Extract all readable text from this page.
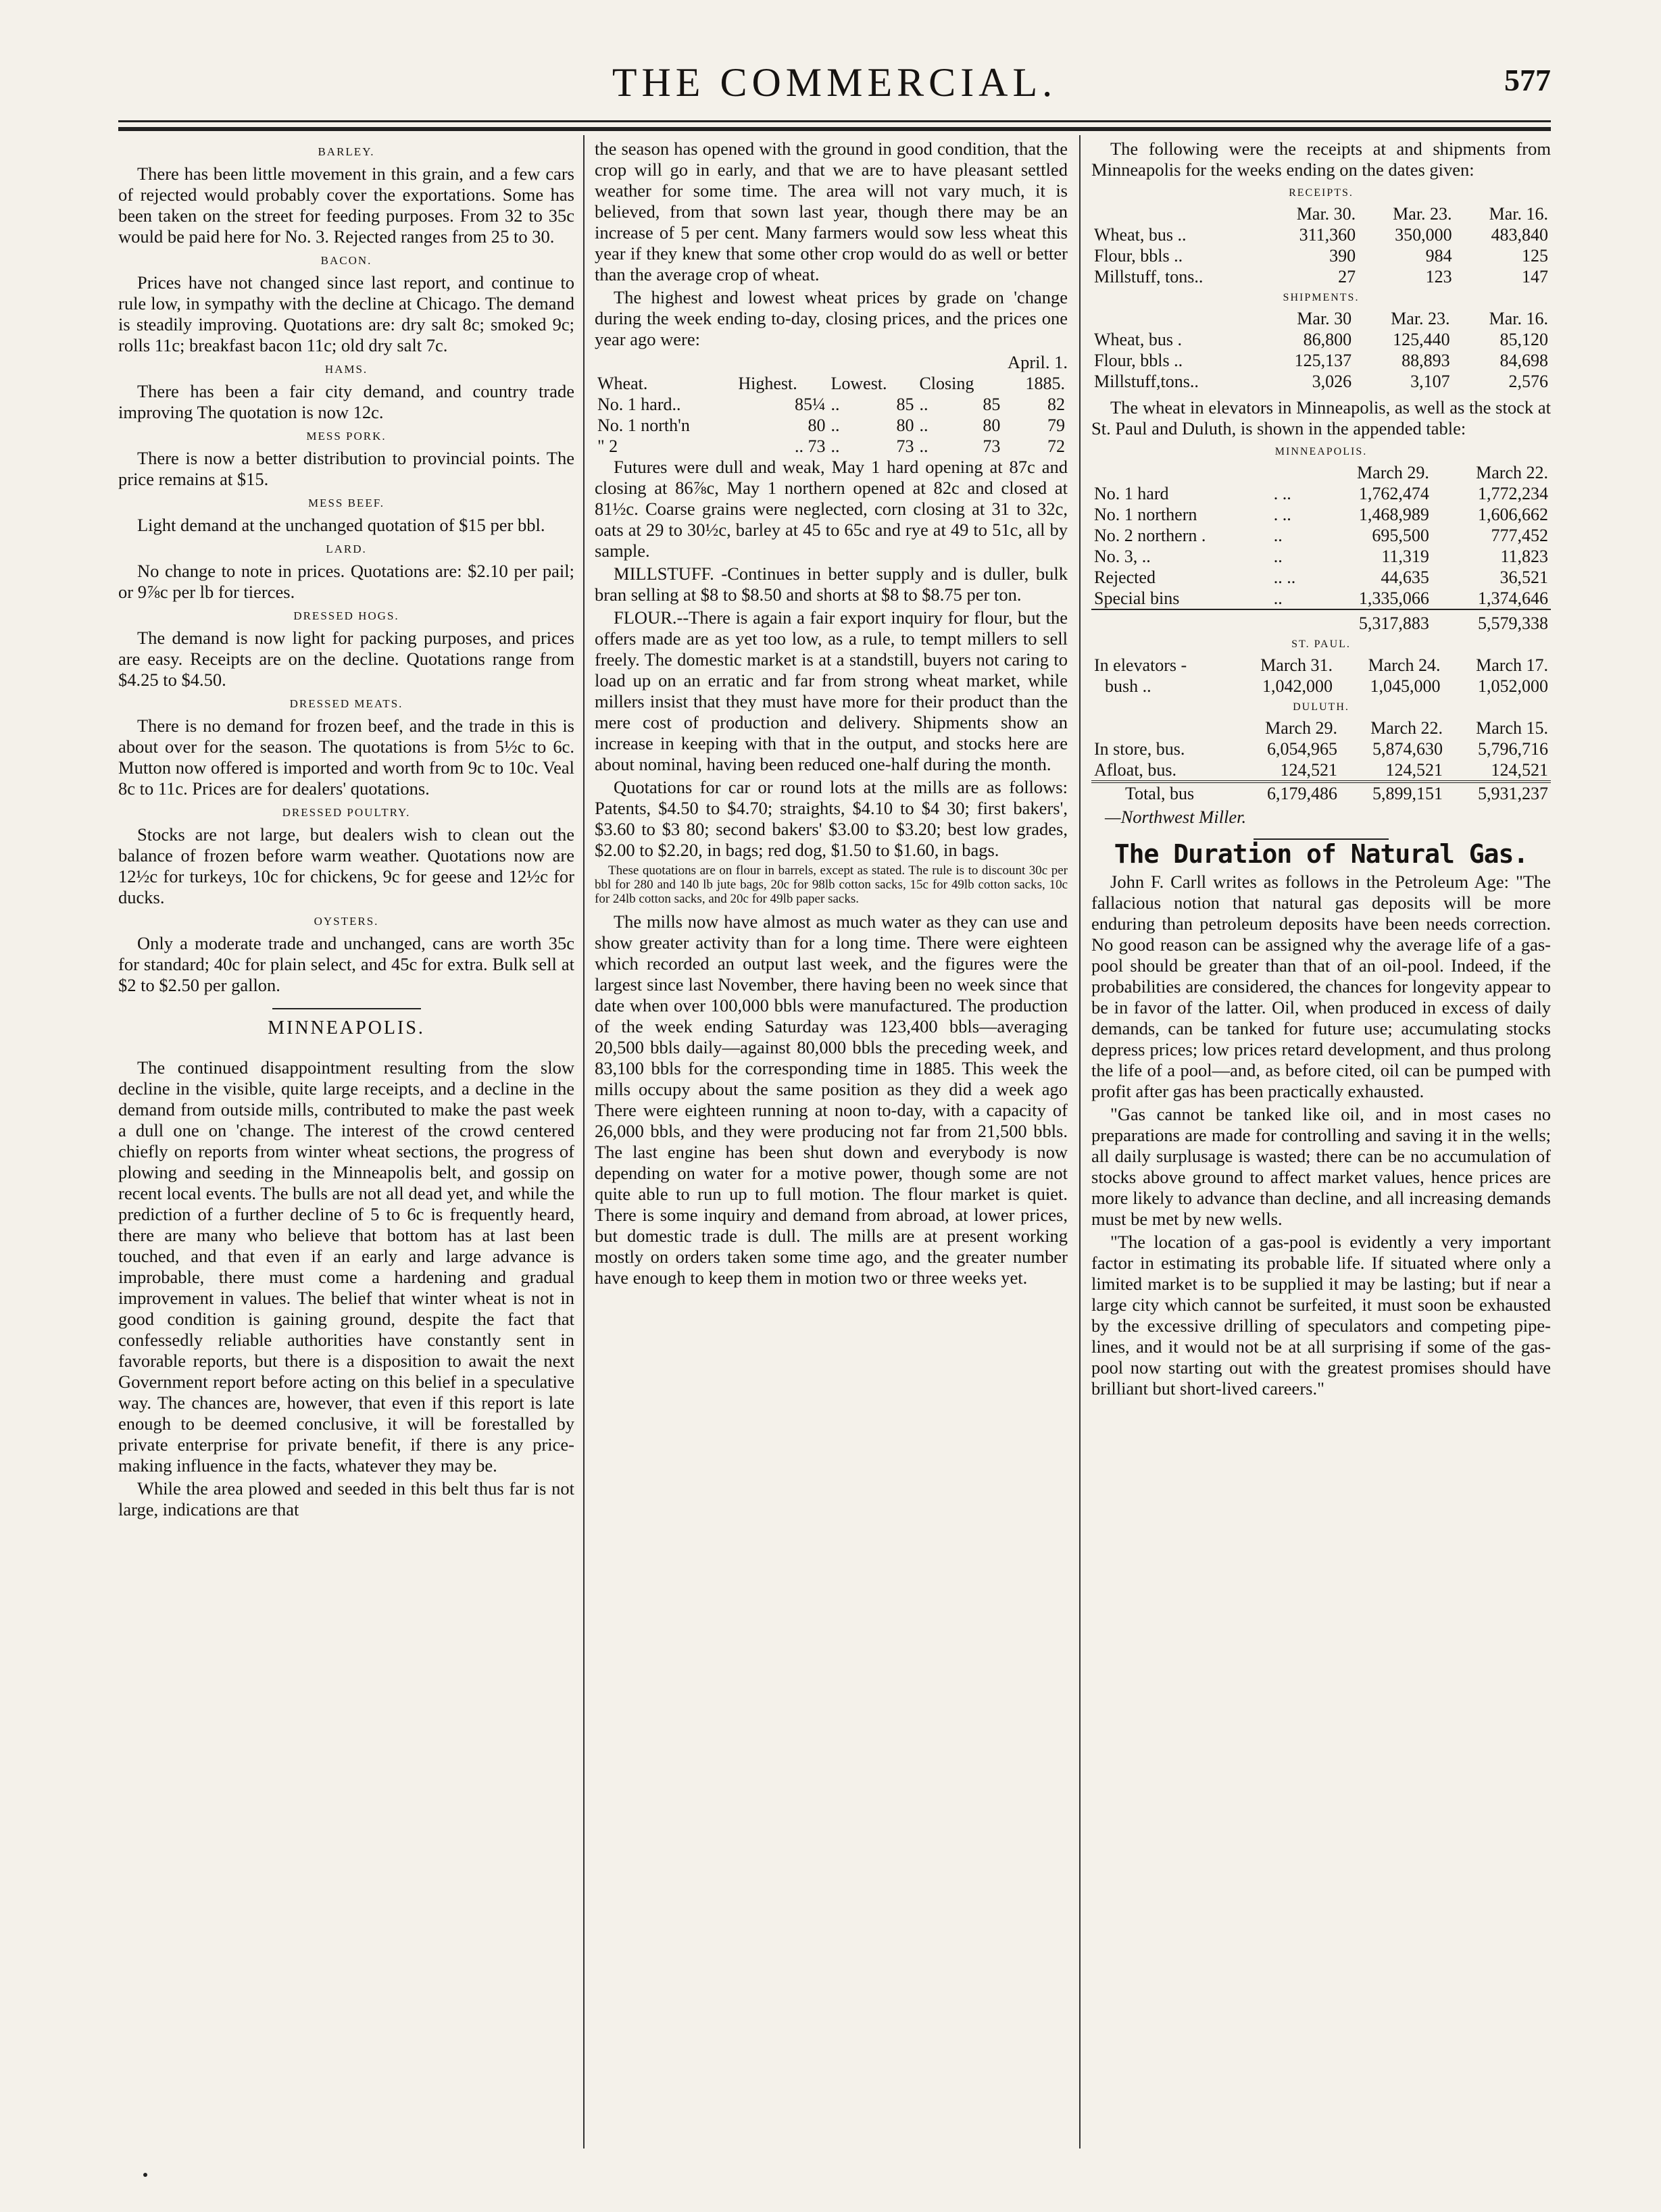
THE COMMERCIAL.	577
BARLEY.

There has been little movement in this grain, and a few cars of rejected would probably cover the exportations. Some has been taken on the street for feeding purposes. From 32 to 35c would be paid here for No. 3. Rejected ranges from 25 to 30.

BACON.

Prices have not changed since last report, and continue to rule low, in sympathy with the decline at Chicago. The demand is steadily improving. Quotations are: dry salt 8c; smoked 9c; rolls 11c; breakfast bacon 11c; old dry salt 7c.

HAMS.

There has been a fair city demand, and country trade improving The quotation is now 12c.

MESS PORK.

There is now a better distribution to provincial points. The price remains at $15.

MESS BEEF.

Light demand at the unchanged quotation of $15 per bbl.

LARD.

No change to note in prices. Quotations are: $2.10 per pail; or 9⅞c per lb for tierces.

DRESSED HOGS.

The demand is now light for packing purposes, and prices are easy. Receipts are on the decline. Quotations range from $4.25 to $4.50.

DRESSED MEATS.

There is no demand for frozen beef, and the trade in this is about over for the season. The quotations is from 5½c to 6c. Mutton now offered is imported and worth from 9c to 10c. Veal 8c to 11c. Prices are for dealers' quotations.

DRESSED POULTRY.

Stocks are not large, but dealers wish to clean out the balance of frozen before warm weather. Quotations now are 12½c for turkeys, 10c for chickens, 9c for geese and 12½c for ducks.

OYSTERS.

Only a moderate trade and unchanged, cans are worth 35c for standard; 40c for plain select, and 45c for extra. Bulk sell at $2 to $2.50 per gallon.

MINNEAPOLIS.

The continued disappointment resulting from the slow decline in the visible, quite large receipts, and a decline in the demand from outside mills, contributed to make the past week a dull one on 'change. The interest of the crowd centered chiefly on reports from winter wheat sections, the progress of plowing and seeding in the Minneapolis belt, and gossip on recent local events. The bulls are not all dead yet, and while the prediction of a further decline of 5 to 6c is frequently heard, there are many who believe that bottom has at last been touched, and that even if an early and large advance is improbable, there must come a hardening and gradual improvement in values. The belief that winter wheat is not in good condition is gaining ground, despite the fact that confessedly reliable authorities have constantly sent in favorable reports, but there is a disposition to await the next Government report before acting on this belief in a speculative way. The chances are, however, that even if this report is late enough to be deemed conclusive, it will be forestalled by private enterprise for private benefit, if there is any price-making influence in the facts, whatever they may be.

While the area plowed and seeded in this belt thus far is not large, indications are that

the season has opened with the ground in good condition, that the crop will go in early, and that we are to have pleasant settled weather for some time. The area will not vary much, it is believed, from that sown last year, though there may be an increase of 5 per cent. Many farmers would sow less wheat this year if they knew that some other crop would do as well or better than the average crop of wheat.

The highest and lowest wheat prices by grade on 'change during the week ending to-day, closing prices, and the prices one year ago were:

April. 1.
Wheat.	Highest.	Lowest.		Closing		1885.
No. 1 hard..	85¼	..	85	..	85	82
No. 1 north'n	80	..	80	..	80	79
" 2	.. 73	..	73	..	73	72

Futures were dull and weak, May 1 hard opening at 87c and closing at 86⅞c, May 1 northern opened at 82c and closed at 81½c. Coarse grains were neglected, corn closing at 31 to 32c, oats at 29 to 30½c, barley at 45 to 65c and rye at 49 to 51c, all by sample.

MILLSTUFF. -Continues in better supply and is duller, bulk bran selling at $8 to $8.50 and shorts at $8 to $8.75 per ton.

FLOUR.--There is again a fair export inquiry for flour, but the offers made are as yet too low, as a rule, to tempt millers to sell freely. The domestic market is at a standstill, buyers not caring to load up on an erratic and far from strong wheat market, while millers insist that they must have more for their product than the mere cost of production and delivery. Shipments show an increase in keeping with that in the output, and stocks here are about nominal, having been reduced one-half during the month.

Quotations for car or round lots at the mills are as follows: Patents, $4.50 to $4.70; straights, $4.10 to $4 30; first bakers', $3.60 to $3 80; second bakers' $3.00 to $3.20; best low grades, $2.00 to $2.20, in bags; red dog, $1.50 to $1.60, in bags.

These quotations are on flour in barrels, except as stated. The rule is to discount 30c per bbl for 280 and 140 lb jute bags, 20c for 98lb cotton sacks, 15c for 49lb cotton sacks, 10c for 24lb cotton sacks, and 20c for 49lb paper sacks.

The mills now have almost as much water as they can use and show greater activity than for a long time. There were eighteen which recorded an output last week, and the figures were the largest since last November, there having been no week since that date when over 100,000 bbls were manufactured. The production of the week ending Saturday was 123,400 bbls—averaging 20,500 bbls daily—against 80,000 bbls the preceding week, and 83,100 bbls for the corresponding time in 1885. This week the mills occupy about the same position as they did a week ago There were eighteen running at noon to-day, with a capacity of 26,000 bbls, and they were producing not far from 21,500 bbls. The last engine has been shut down and everybody is now depending on water for a motive power, though some are not quite able to run up to full motion. The flour market is quiet. There is some inquiry and demand from abroad, at lower prices, but domestic trade is dull. The mills are at present working mostly on orders taken some time ago, and the greater number have enough to keep them in motion two or three weeks yet.

The following were the receipts at and shipments from Minneapolis for the weeks ending on the dates given:

RECEIPTS.
	Mar. 30.	Mar. 23.	Mar. 16.
Wheat, bus ..	311,360	350,000	483,840
Flour, bbls ..	390	984	125
Millstuff, tons..	27	123	147
SHIPMENTS.
	Mar. 30	Mar. 23.	Mar. 16.
Wheat, bus .	86,800	125,440	85,120
Flour, bbls ..	125,137	88,893	84,698
Millstuff,tons..	3,026	3,107	2,576

The wheat in elevators in Minneapolis, as well as the stock at St. Paul and Duluth, is shown in the appended table:

MINNEAPOLIS.
		March 29.	March 22.
No. 1 hard	. ..	1,762,474	1,772,234
No. 1 northern	. ..	1,468,989	1,606,662
No. 2 northern .	..	695,500	777,452
No. 3, ..	..	11,319	11,823
Rejected	.. ..	44,635	36,521
Special bins	..	1,335,066	1,374,646
		5,317,883	5,579,338
ST. PAUL.
In elevators -	March 31.	March 24.	March 17.
bush ..	1,042,000	1,045,000	1,052,000
DULUTH.
	March 29.	March 22.	March 15.
In store, bus.	6,054,965	5,874,630	5,796,716
Afloat, bus.	124,521	124,521	124,521
Total, bus	6,179,486	5,899,151	5,931,237
—Northwest Miller.
The Duration of Natural Gas.

John F. Carll writes as follows in the Petroleum Age: "The fallacious notion that natural gas deposits will be more enduring than petroleum deposits have been needs correction. No good reason can be assigned why the average life of a gas-pool should be greater than that of an oil-pool. Indeed, if the probabilities are considered, the chances for longevity appear to be in favor of the latter. Oil, when produced in excess of daily demands, can be tanked for future use; accumulating stocks depress prices; low prices retard development, and thus prolong the life of a pool—and, as before cited, oil can be pumped with profit after gas has been practically exhausted.

"Gas cannot be tanked like oil, and in most cases no preparations are made for controlling and saving it in the wells; all daily surplusage is wasted; there can be no accumulation of stocks above ground to affect market values, hence prices are more likely to advance than decline, and all increasing demands must be met by new wells.

"The location of a gas-pool is evidently a very important factor in estimating its probable life. If situated where only a limited market is to be supplied it may be lasting; but if near a large city which cannot be surfeited, it must soon be exhausted by the excessive drilling of speculators and competing pipe-lines, and it would not be at all surprising if some of the gas-pool now starting out with the greatest promises should have brilliant but short-lived careers."
